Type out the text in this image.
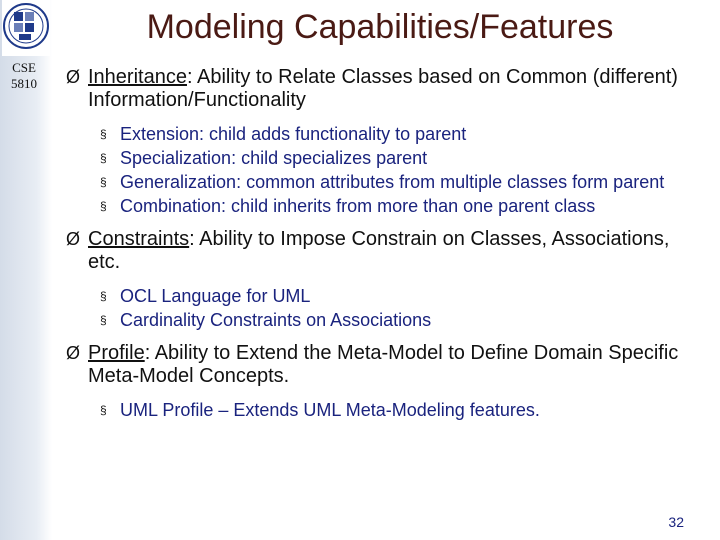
CSE
5810
Modeling Capabilities/Features
Ø Inheritance: Ability to Relate Classes based on Common (different) Information/Functionality
§ Extension: child adds functionality to parent
§ Specialization: child specializes parent
§ Generalization: common attributes from multiple classes form parent
§ Combination: child inherits from more than one parent class
Ø Constraints: Ability to Impose Constrain on Classes, Associations, etc.
§ OCL Language for UML
§ Cardinality Constraints on Associations
Ø Profile: Ability to Extend the Meta-Model to Define Domain Specific Meta-Model Concepts.
§ UML Profile – Extends UML Meta-Modeling features.
32
